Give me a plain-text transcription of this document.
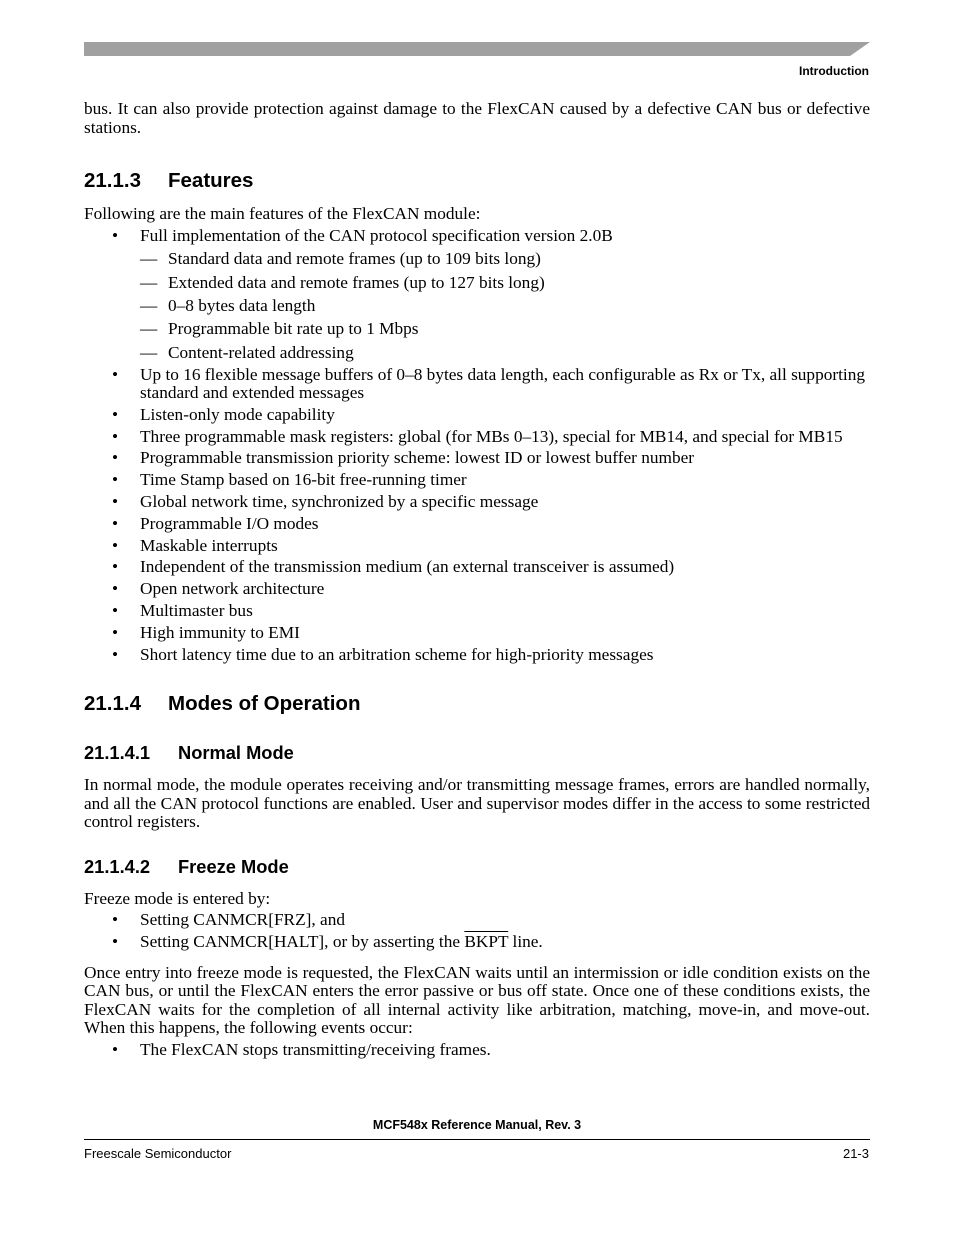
Introduction

bus. It can also provide protection against damage to the FlexCAN caused by a defective CAN bus or defective stations.

21.1.3 Features

Following are the main features of the FlexCAN module:

• Full implementation of the CAN protocol specification version 2.0B
— Standard data and remote frames (up to 109 bits long)
— Extended data and remote frames (up to 127 bits long)
— 0–8 bytes data length
— Programmable bit rate up to 1 Mbps
— Content-related addressing
• Up to 16 flexible message buffers of 0–8 bytes data length, each configurable as Rx or Tx, all supporting standard and extended messages
• Listen-only mode capability
• Three programmable mask registers: global (for MBs 0–13), special for MB14, and special for MB15
• Programmable transmission priority scheme: lowest ID or lowest buffer number
• Time Stamp based on 16-bit free-running timer
• Global network time, synchronized by a specific message
• Programmable I/O modes
• Maskable interrupts
• Independent of the transmission medium (an external transceiver is assumed)
• Open network architecture
• Multimaster bus
• High immunity to EMI
• Short latency time due to an arbitration scheme for high-priority messages
21.1.4 Modes of Operation
21.1.4.1 Normal Mode

In normal mode, the module operates receiving and/or transmitting message frames, errors are handled normally, and all the CAN protocol functions are enabled. User and supervisor modes differ in the access to some restricted control registers.

21.1.4.2 Freeze Mode

Freeze mode is entered by:

• Setting CANMCR[FRZ], and
• Setting CANMCR[HALT], or by asserting the BKPT line.

Once entry into freeze mode is requested, the FlexCAN waits until an intermission or idle condition exists on the CAN bus, or until the FlexCAN enters the error passive or bus off state. Once one of these conditions exists, the FlexCAN waits for the completion of all internal activity like arbitration, matching, move-in, and move-out. When this happens, the following events occur:

• The FlexCAN stops transmitting/receiving frames.
MCF548x Reference Manual, Rev. 3
Freescale Semiconductor	21-3
